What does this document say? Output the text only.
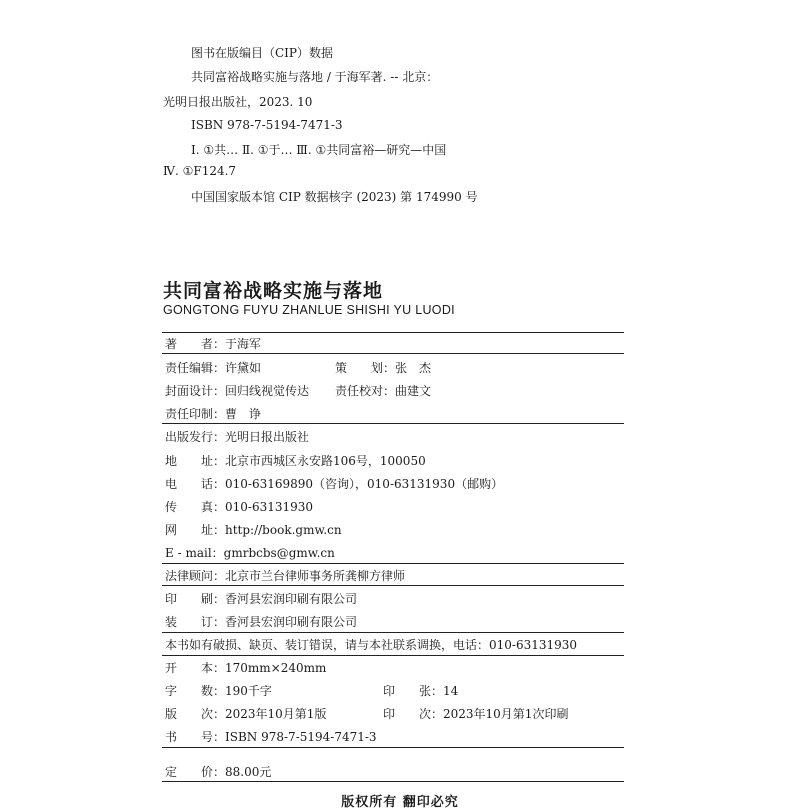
图书在版编目（CIP）数据
共同富裕战略实施与落地 / 于海军著. -- 北京：
光明日报出版社，2023. 10
ISBN 978-7-5194-7471-3
Ⅰ. ①共… Ⅱ. ①于… Ⅲ. ①共同富裕—研究—中国
Ⅳ. ①F124.7
中国国家版本馆 CIP 数据核字 (2023) 第 174990 号
共同富裕战略实施与落地
GONGTONG FUYU ZHANLUE SHISHI YU LUODI
著　　者：于海军
责任编辑：许黛如	策　　划：张　杰
封面设计：回归线视觉传达 责任校对：曲建文
责任印制：曹　诤
出版发行：光明日报出版社
地　　址：北京市西城区永安路106号，100050
电　　话：010-63169890（咨询），010-63131930（邮购）
传　　真：010-63131930
网　　址：http://book.gmw.cn
E - mail：gmrbcbs@gmw.cn
法律顾问：北京市兰台律师事务所龚柳方律师
印　　刷：香河县宏润印刷有限公司
装　　订：香河县宏润印刷有限公司
本书如有破损、缺页、装订错误，请与本社联系调换，电话：010-63131930
开　　本：170mm×240mm
字　　数：190千字	印　　张：14
版　　次：2023年10月第1版	印　　次：2023年10月第1次印刷
书　　号：ISBN 978-7-5194-7471-3
定　　价：88.00元
版权所有 翻印必究
